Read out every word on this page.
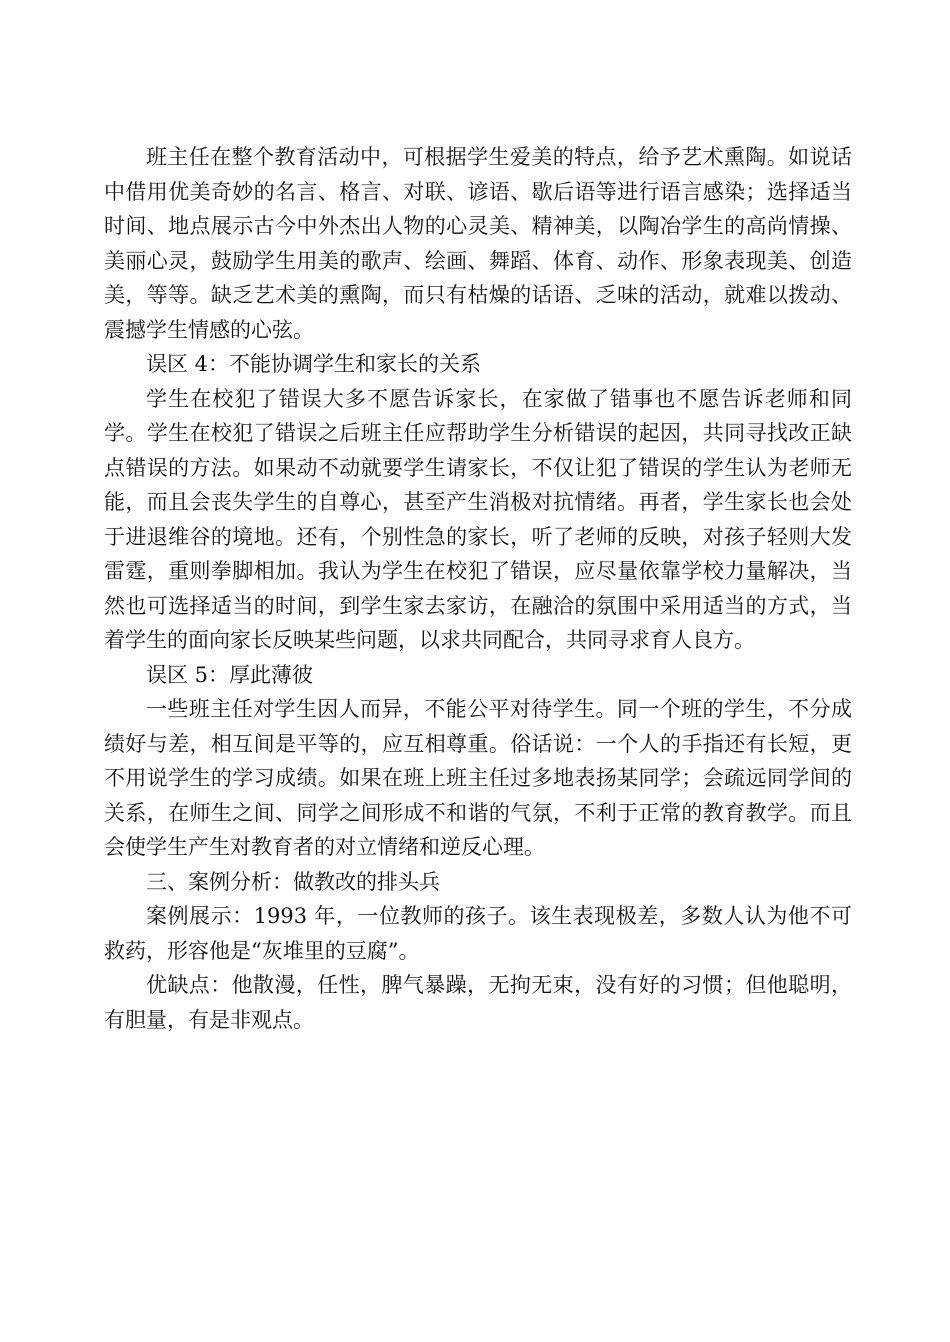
班主任在整个教育活动中，可根据学生爱美的特点，给予艺术熏陶。如说话中借用优美奇妙的名言、格言、对联、谚语、歇后语等进行语言感染；选择适当时间、地点展示古今中外杰出人物的心灵美、精神美，以陶冶学生的高尚情操、美丽心灵，鼓励学生用美的歌声、绘画、舞蹈、体育、动作、形象表现美、创造美，等等。缺乏艺术美的熏陶，而只有枯燥的话语、乏味的活动，就难以拨动、震撼学生情感的心弦。

误区 4：不能协调学生和家长的关系

学生在校犯了错误大多不愿告诉家长，在家做了错事也不愿告诉老师和同学。学生在校犯了错误之后班主任应帮助学生分析错误的起因，共同寻找改正缺点错误的方法。如果动不动就要学生请家长，不仅让犯了错误的学生认为老师无能，而且会丧失学生的自尊心，甚至产生消极对抗情绪。再者，学生家长也会处于进退维谷的境地。还有，个别性急的家长，听了老师的反映，对孩子轻则大发雷霆，重则拳脚相加。我认为学生在校犯了错误，应尽量依靠学校力量解决，当然也可选择适当的时间，到学生家去家访，在融洽的氛围中采用适当的方式，当着学生的面向家长反映某些问题，以求共同配合，共同寻求育人良方。

误区 5：厚此薄彼

一些班主任对学生因人而异，不能公平对待学生。同一个班的学生，不分成绩好与差，相互间是平等的，应互相尊重。俗话说：一个人的手指还有长短，更不用说学生的学习成绩。如果在班上班主任过多地表扬某同学；会疏远同学间的关系，在师生之间、同学之间形成不和谐的气氛，不利于正常的教育教学。而且会使学生产生对教育者的对立情绪和逆反心理。

三、案例分析：做教改的排头兵

案例展示：1993 年，一位教师的孩子。该生表现极差，多数人认为他不可救药，形容他是“灰堆里的豆腐”。

优缺点：他散漫，任性，脾气暴躁，无拘无束，没有好的习惯；但他聪明，有胆量，有是非观点。
